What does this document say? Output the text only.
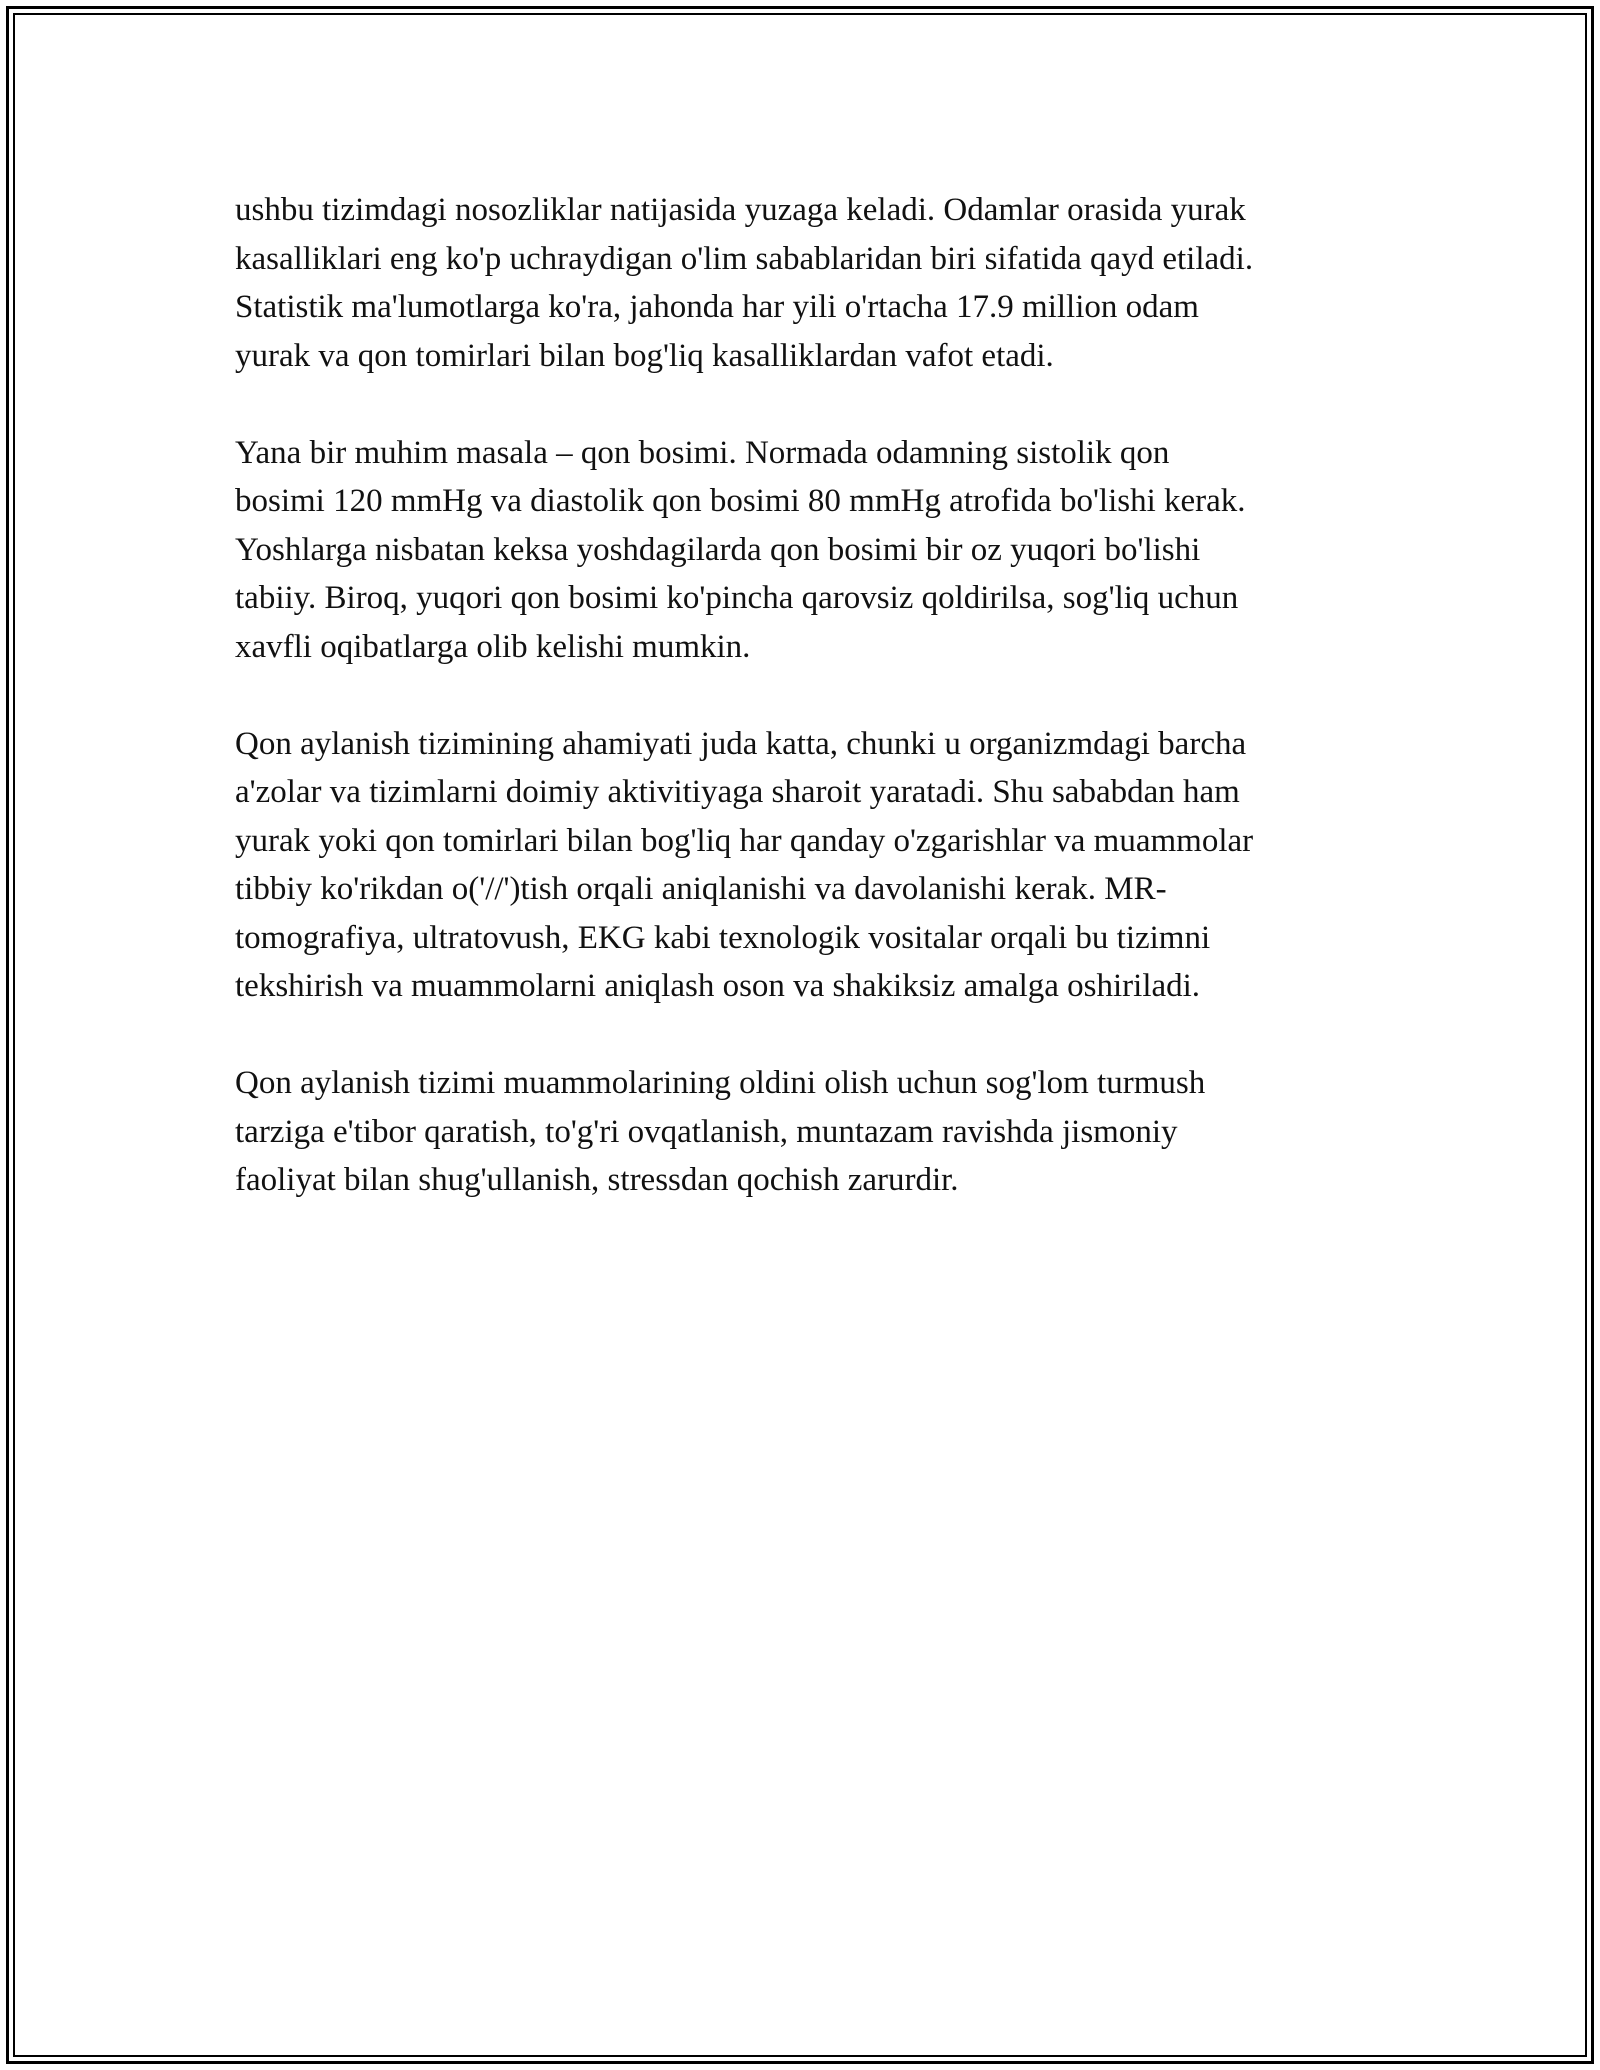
ushbu tizimdagi nosozliklar natijasida yuzaga keladi. Odamlar orasida yurak
kasalliklari eng ko'p uchraydigan o'lim sabablaridan biri sifatida qayd etiladi.
Statistik ma'lumotlarga ko'ra, jahonda har yili o'rtacha 17.9 million odam
yurak va qon tomirlari bilan bog'liq kasalliklardan vafot etadi.

Yana bir muhim masala – qon bosimi. Normada odamning sistolik qon
bosimi 120 mmHg va diastolik qon bosimi 80 mmHg atrofida bo'lishi kerak.
Yoshlarga nisbatan keksa yoshdagilarda qon bosimi bir oz yuqori bo'lishi
tabiiy. Biroq, yuqori qon bosimi ko'pincha qarovsiz qoldirilsa, sog'liq uchun
xavfli oqibatlarga olib kelishi mumkin.

Qon aylanish tizimining ahamiyati juda katta, chunki u organizmdagi barcha
a'zolar va tizimlarni doimiy aktivitiyaga sharoit yaratadi. Shu sababdan ham
yurak yoki qon tomirlari bilan bog'liq har qanday o'zgarishlar va muammolar
tibbiy ko'rikdan o('//')tish orqali aniqlanishi va davolanishi kerak. MR-
tomografiya, ultratovush, EKG kabi texnologik vositalar orqali bu tizimni
tekshirish va muammolarni aniqlash oson va shakiksiz amalga oshiriladi.

Qon aylanish tizimi muammolarining oldini olish uchun sog'lom turmush
tarziga e'tibor qaratish, to'g'ri ovqatlanish, muntazam ravishda jismoniy
faoliyat bilan shug'ullanish, stressdan qochish zarurdir.
